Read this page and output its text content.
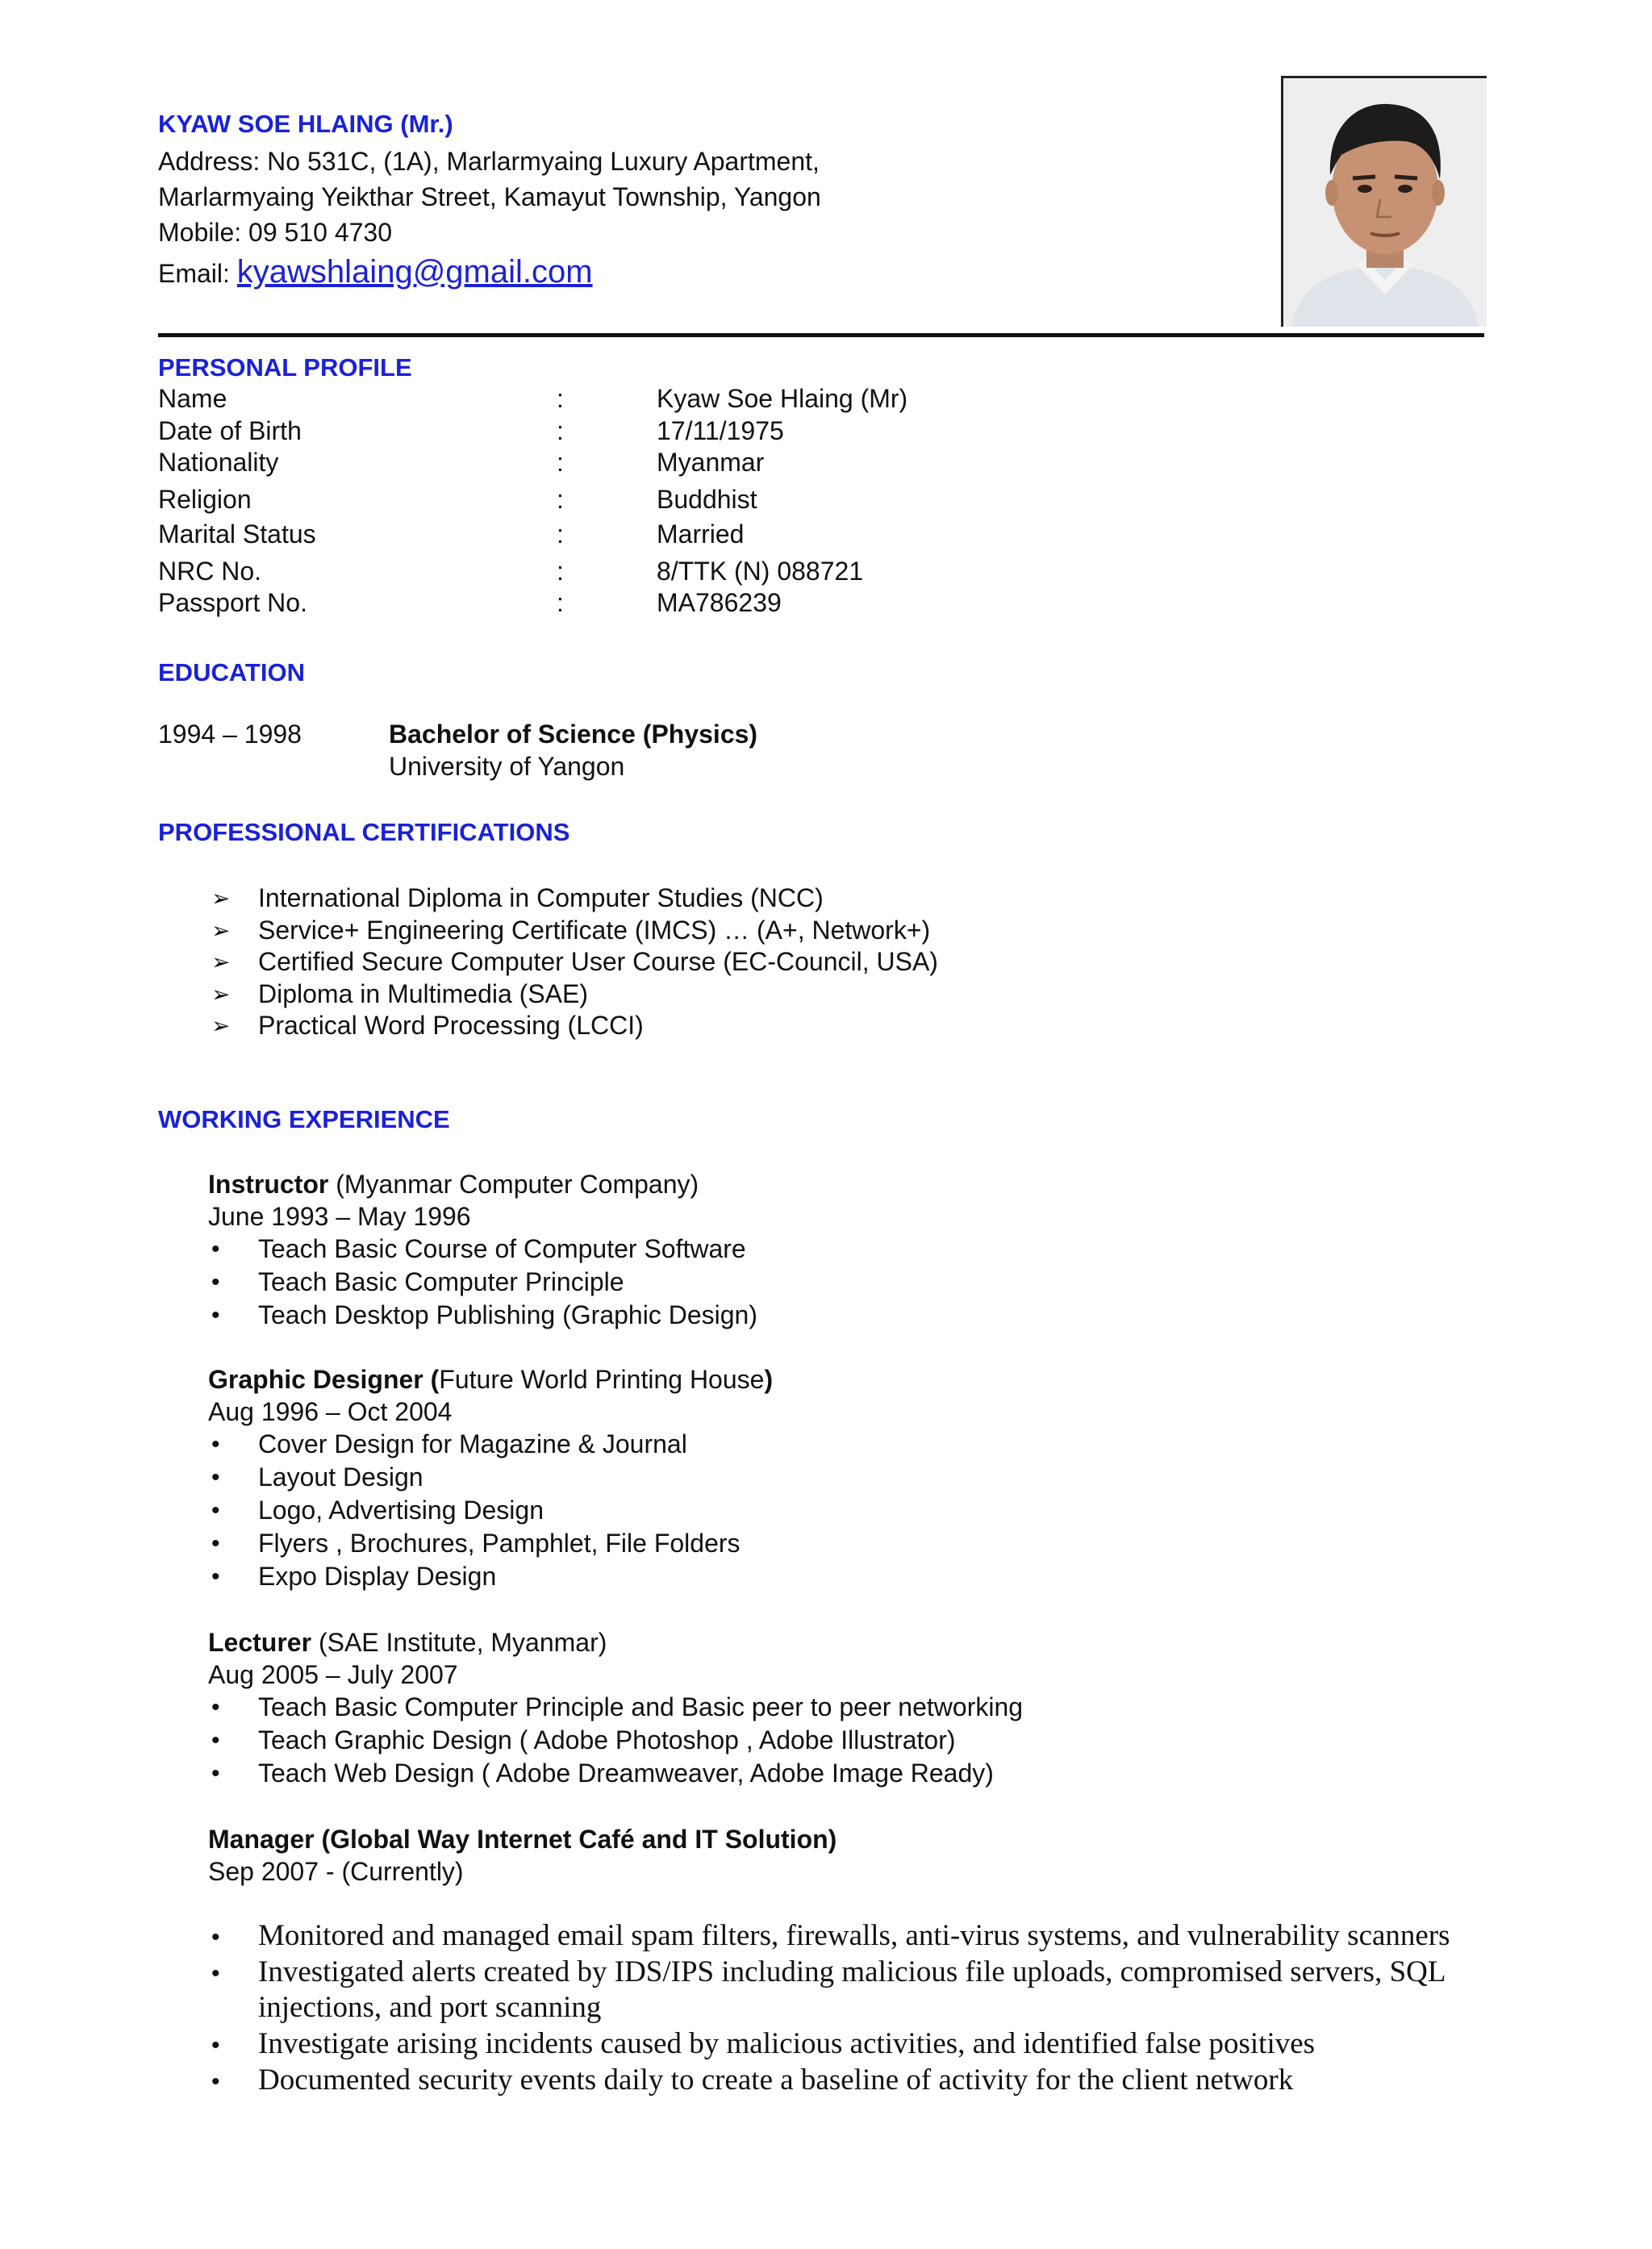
KYAW SOE HLAING (Mr.)
Address: No 531C, (1A), Marlarmyaing Luxury Apartment,
Marlarmyaing Yeikthar Street, Kamayut Township, Yangon
Mobile: 09 510 4730
Email: kyawshlaing@gmail.com
PERSONAL PROFILE
Name	:	Kyaw Soe Hlaing (Mr)
Date of Birth	:	17/11/1975
Nationality	:	Myanmar
Religion	:	Buddhist
Marital Status	:	Married
NRC No.	:	8/TTK (N) 088721
Passport No.	:	MA786239
EDUCATION
1994 – 1998	Bachelor of Science (Physics)
University of Yangon
PROFESSIONAL CERTIFICATIONS
➢ International Diploma in Computer Studies (NCC)
➢ Service+ Engineering Certificate (IMCS) … (A+, Network+)
➢ Certified Secure Computer User Course (EC-Council, USA)
➢ Diploma in Multimedia (SAE)
➢ Practical Word Processing (LCCI)
WORKING EXPERIENCE
Instructor (Myanmar Computer Company)
June 1993 – May 1996
• Teach Basic Course of Computer Software
• Teach Basic Computer Principle
• Teach Desktop Publishing (Graphic Design)
Graphic Designer (Future World Printing House)
Aug 1996 – Oct 2004
• Cover Design for Magazine & Journal
• Layout Design
• Logo, Advertising Design
• Flyers , Brochures, Pamphlet, File Folders
• Expo Display Design
Lecturer (SAE Institute, Myanmar)
Aug 2005 – July 2007
• Teach Basic Computer Principle and Basic peer to peer networking
• Teach Graphic Design ( Adobe Photoshop , Adobe Illustrator)
• Teach Web Design ( Adobe Dreamweaver, Adobe Image Ready)
Manager (Global Way Internet Café and IT Solution)
Sep 2007 - (Currently)
• Monitored and managed email spam filters, firewalls, anti-virus systems, and vulnerability scanners
• Investigated alerts created by IDS/IPS including malicious file uploads, compromised servers, SQL injections, and port scanning
• Investigate arising incidents caused by malicious activities, and identified false positives
• Documented security events daily to create a baseline of activity for the client network
